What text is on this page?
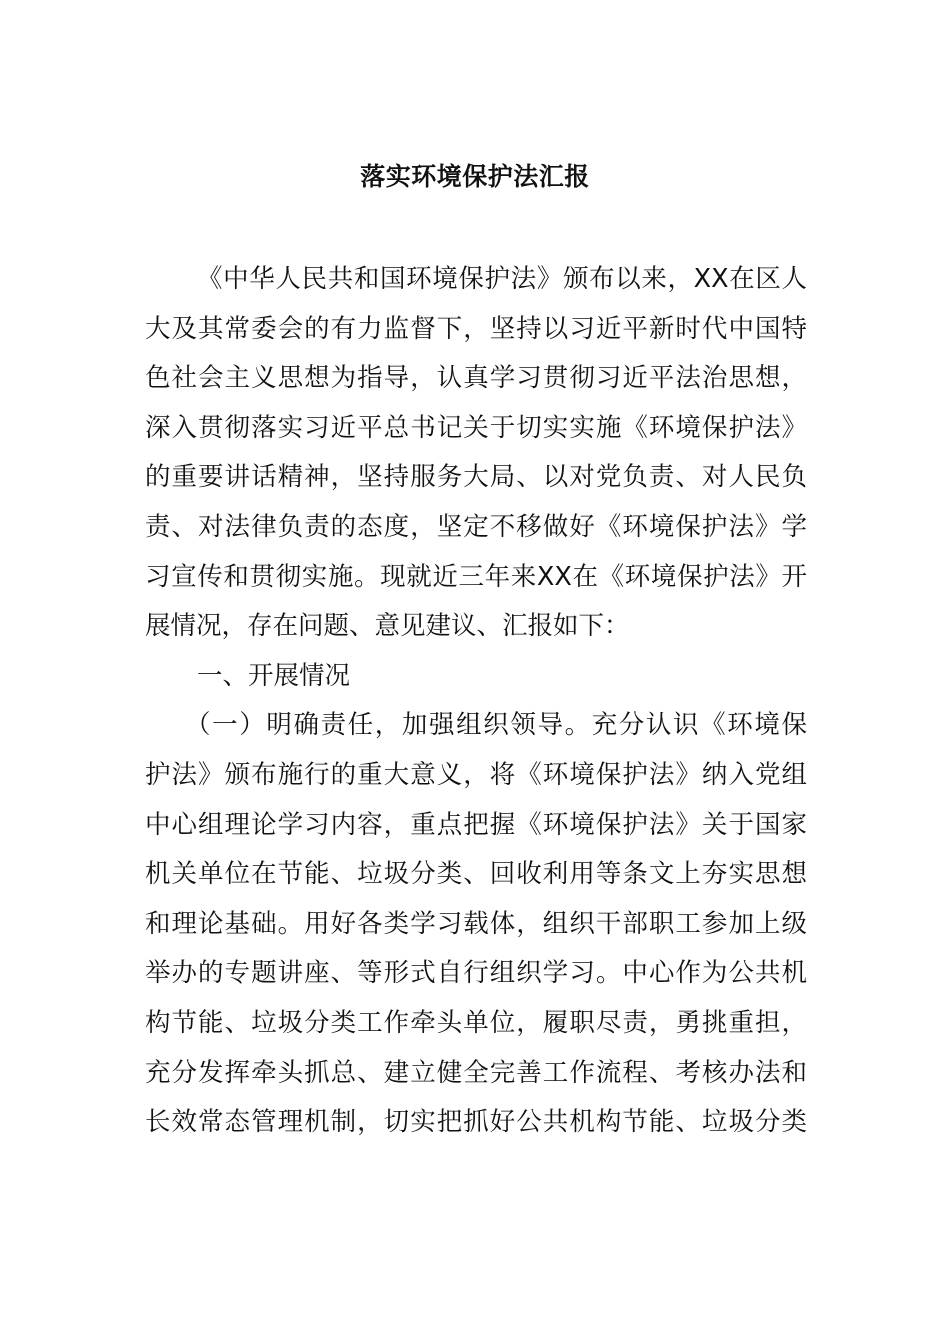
落实环境保护法汇报
《中华人民共和国环境保护法》颁布以来，XX在区人
大及其常委会的有力监督下，坚持以习近平新时代中国特
色社会主义思想为指导，认真学习贯彻习近平法治思想，
深入贯彻落实习近平总书记关于切实实施《环境保护法》
的重要讲话精神，坚持服务大局、以对党负责、对人民负
责、对法律负责的态度，坚定不移做好《环境保护法》学
习宣传和贯彻实施。现就近三年来XX在《环境保护法》开
展情况，存在问题、意见建议、汇报如下：
一、开展情况
（一）明确责任，加强组织领导。充分认识《环境保
护法》颁布施行的重大意义，将《环境保护法》纳入党组
中心组理论学习内容，重点把握《环境保护法》关于国家
机关单位在节能、垃圾分类、回收利用等条文上夯实思想
和理论基础。用好各类学习载体，组织干部职工参加上级
举办的专题讲座、等形式自行组织学习。中心作为公共机
构节能、垃圾分类工作牵头单位，履职尽责，勇挑重担，
充分发挥牵头抓总、建立健全完善工作流程、考核办法和
长效常态管理机制，切实把抓好公共机构节能、垃圾分类
